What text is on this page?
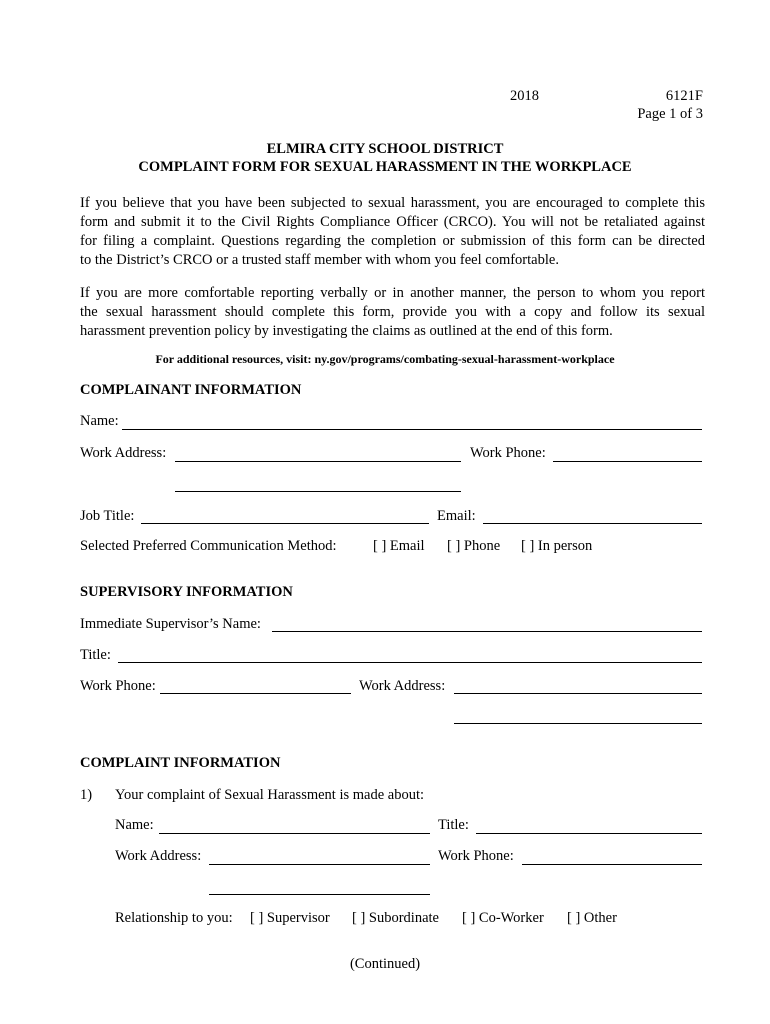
2018	6121F
Page 1 of 3
ELMIRA CITY SCHOOL DISTRICT
COMPLAINT FORM FOR SEXUAL HARASSMENT IN THE WORKPLACE
If you believe that you have been subjected to sexual harassment, you are encouraged to complete this
form and submit it to the Civil Rights Compliance Officer (CRCO). You will not be retaliated against
for filing a complaint. Questions regarding the completion or submission of this form can be directed
to the District’s CRCO or a trusted staff member with whom you feel comfortable.
If you are more comfortable reporting verbally or in another manner, the person to whom you report
the sexual harassment should complete this form, provide you with a copy and follow its sexual
harassment prevention policy by investigating the claims as outlined at the end of this form.
For additional resources, visit: ny.gov/programs/combating-sexual-harassment-workplace
COMPLAINANT INFORMATION
Name:
Work Address:	Work Phone:
Job Title:	Email:
Selected Preferred Communication Method:	[ ] Email [ ] Phone [ ] In person
SUPERVISORY INFORMATION
Immediate Supervisor’s Name:
Title:
Work Phone:	Work Address:
COMPLAINT INFORMATION
1) Your complaint of Sexual Harassment is made about:
Name:	Title:
Work Address:	Work Phone:
Relationship to you: [ ] Supervisor [ ] Subordinate [ ] Co-Worker [ ] Other
(Continued)
